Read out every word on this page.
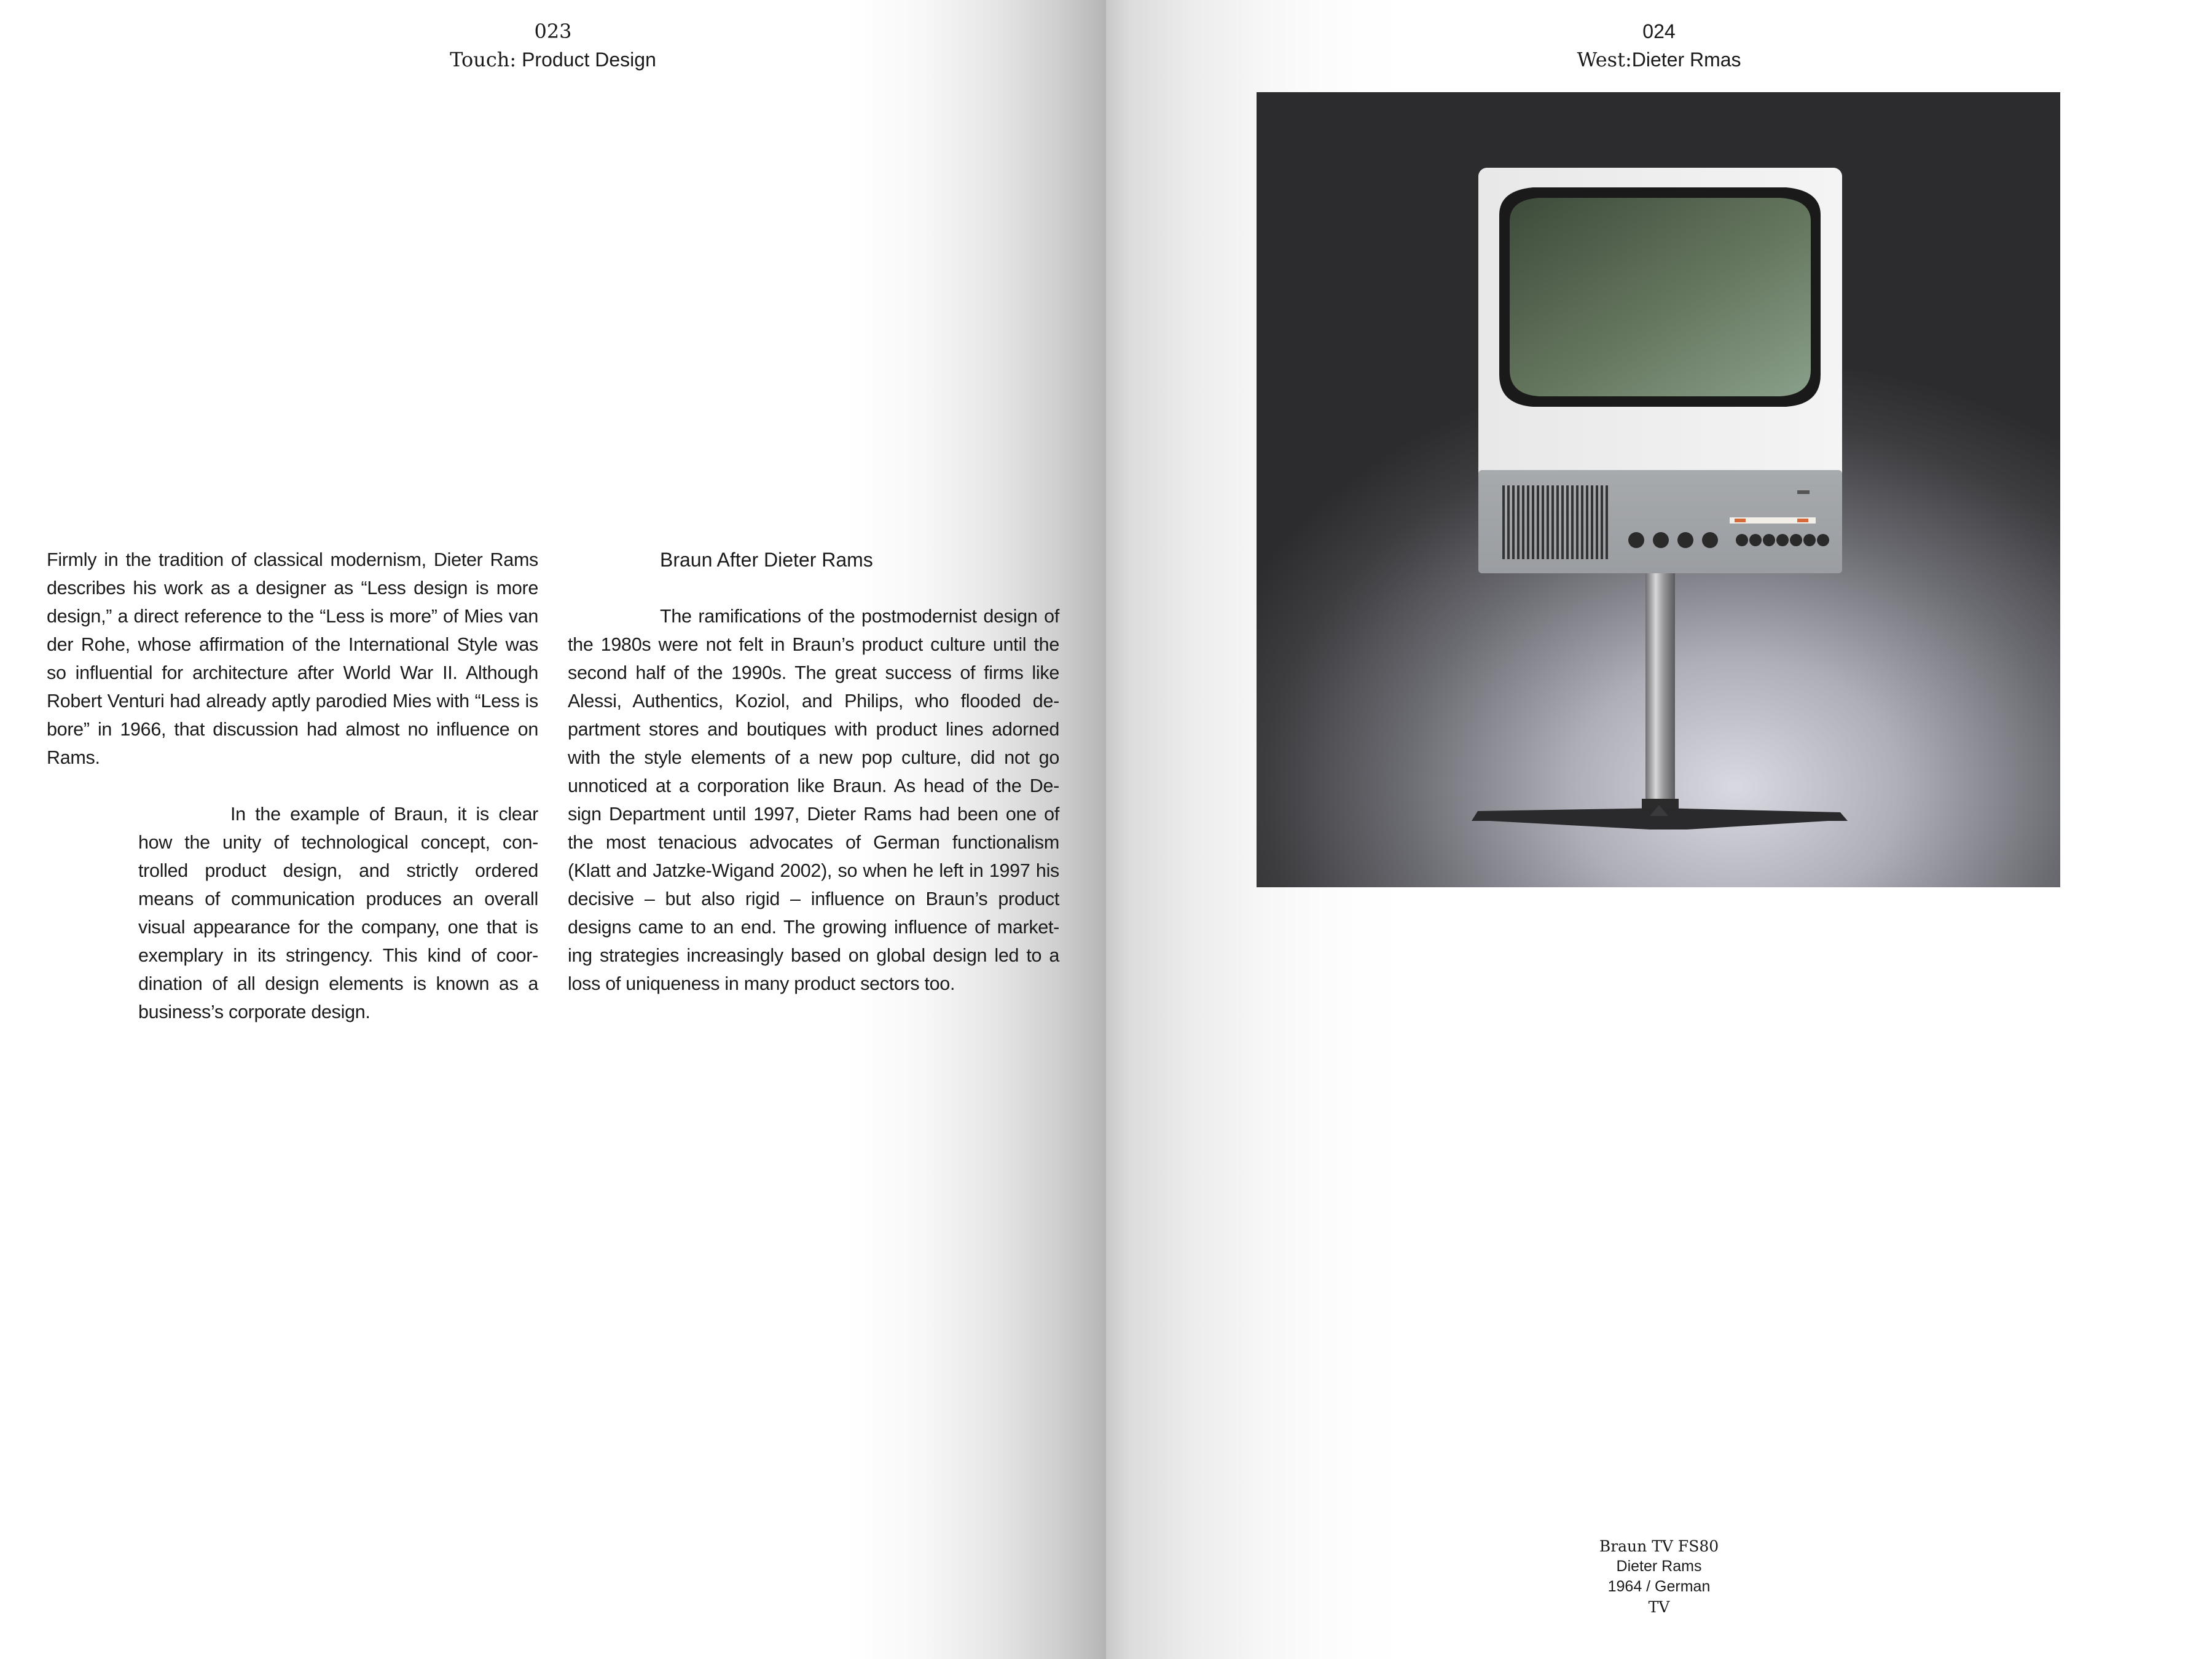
023
Touch: Product Design

Firmly in the tradition of classical modernism, Dieter Rams describes his work as a designer as “Less design is more design,” a direct reference to the “Less is more” of Mies van der Rohe, whose affirmation of the International Style was so influential for architecture after World War II. Although Robert Venturi had already aptly parodied Mies with “Less is bore” in 1966, that discussion had almost no influence on Rams.

In the example of Braun, it is clear how the unity of technological concept, con-trolled product design, and strictly ordered means of communication produces an overall visual appearance for the company, one that is exemplary in its stringency. This kind of coor-dination of all design elements is known as a business’s corporate design.

Braun After Dieter Rams

The ramifications of the postmodernist design of the 1980s were not felt in Braun’s product culture until the second half of the 1990s. The great success of firms like Alessi, Authentics, Koziol, and Philips, who flooded de-partment stores and boutiques with product lines adorned with the style elements of a new pop culture, did not go unnoticed at a corporation like Braun. As head of the De-sign Department until 1997, Dieter Rams had been one of the most tenacious advocates of German functionalism (Klatt and Jatzke-Wigand 2002), so when he left in 1997 his decisive – but also rigid – influence on Braun’s product designs came to an end. The growing influence of market-ing strategies increasingly based on global design led to a loss of uniqueness in many product sectors too.

024
West:Dieter Rmas
Braun TV FS80
Dieter Rams
1964 / German
TV
